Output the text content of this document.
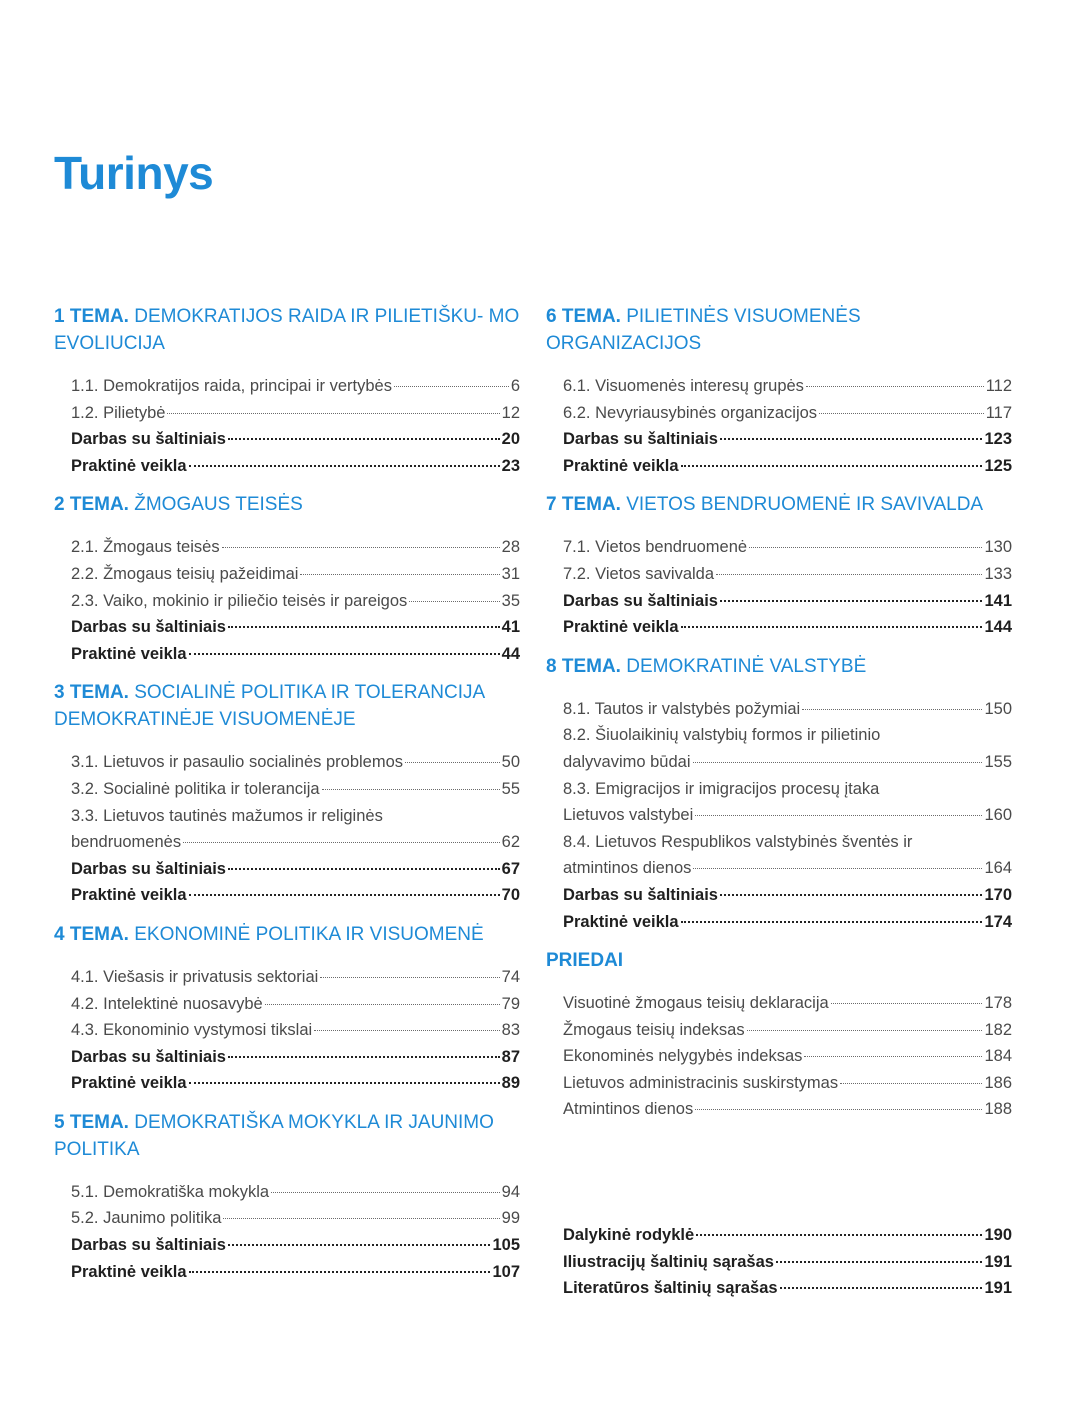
Turinys
1 TEMA. DEMOKRATIJOS RAIDA IR PILIETIŠKU- MO EVOLIUCIJA
1.1. Demokratijos raida, principai ir vertybės	6
1.2. Pilietybė	12
Darbas su šaltiniais	20
Praktinė veikla	23
2 TEMA. ŽMOGAUS TEISĖS
2.1. Žmogaus teisės	28
2.2. Žmogaus teisių pažeidimai	31
2.3. Vaiko, mokinio ir piliečio teisės ir pareigos	35
Darbas su šaltiniais	41
Praktinė veikla	44
3 TEMA. SOCIALINĖ POLITIKA IR TOLERANCIJA DEMOKRATINĖJE VISUOMENĖJE
3.1. Lietuvos ir pasaulio socialinės problemos	50
3.2. Socialinė politika ir tolerancija	55
3.3. Lietuvos tautinės mažumos ir religinės
bendruomenės	62
Darbas su šaltiniais	67
Praktinė veikla	70
4 TEMA. EKONOMINĖ POLITIKA IR VISUOMENĖ
4.1. Viešasis ir privatusis sektoriai	74
4.2. Intelektinė nuosavybė	79
4.3. Ekonominio vystymosi tikslai	83
Darbas su šaltiniais	87
Praktinė veikla	89
5 TEMA. DEMOKRATIŠKA MOKYKLA IR JAUNIMO POLITIKA
5.1. Demokratiška mokykla	94
5.2. Jaunimo politika	99
Darbas su šaltiniais	105
Praktinė veikla	107
6 TEMA. PILIETINĖS VISUOMENĖS ORGANIZACIJOS
6.1. Visuomenės interesų grupės	112
6.2. Nevyriausybinės organizacijos	117
Darbas su šaltiniais	123
Praktinė veikla	125
7 TEMA. VIETOS BENDRUOMENĖ IR SAVIVALDA
7.1. Vietos bendruomenė	130
7.2. Vietos savivalda	133
Darbas su šaltiniais	141
Praktinė veikla	144
8 TEMA. DEMOKRATINĖ VALSTYBĖ
8.1. Tautos ir valstybės požymiai	150
8.2. Šiuolaikinių valstybių formos ir pilietinio
dalyvavimo būdai	155
8.3. Emigracijos ir imigracijos procesų įtaka
Lietuvos valstybei	160
8.4. Lietuvos Respublikos valstybinės šventės ir
atmintinos dienos	164
Darbas su šaltiniais	170
Praktinė veikla	174
PRIEDAI
Visuotinė žmogaus teisių deklaracija	178
Žmogaus teisių indeksas	182
Ekonominės nelygybės indeksas	184
Lietuvos administracinis suskirstymas	186
Atmintinos dienos	188
Dalykinė rodyklė	190
Iliustracijų šaltinių sąrašas	191
Literatūros šaltinių sąrašas	191
